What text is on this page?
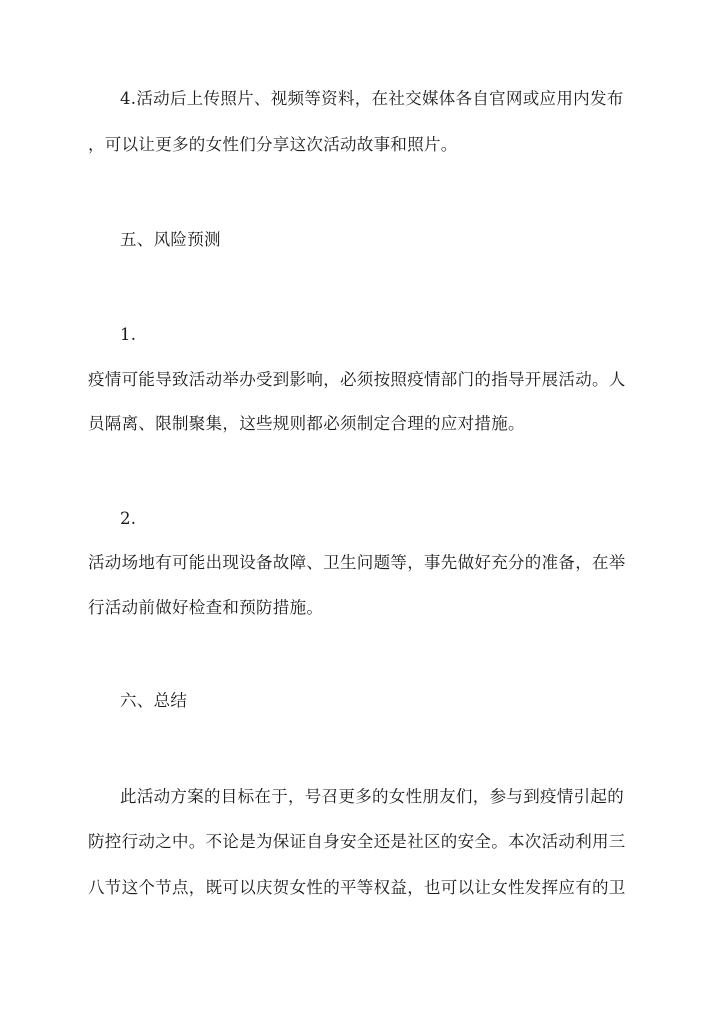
4.活动后上传照片、视频等资料，在社交媒体各自官网或应用内发布
，可以让更多的女性们分享这次活动故事和照片。
五、风险预测
1.
疫情可能导致活动举办受到影响，必须按照疫情部门的指导开展活动。人
员隔离、限制聚集，这些规则都必须制定合理的应对措施。
2.
活动场地有可能出现设备故障、卫生问题等，事先做好充分的准备，在举
行活动前做好检查和预防措施。
六、总结
此活动方案的目标在于，号召更多的女性朋友们，参与到疫情引起的
防控行动之中。不论是为保证自身安全还是社区的安全。本次活动利用三
八节这个节点，既可以庆贺女性的平等权益，也可以让女性发挥应有的卫
